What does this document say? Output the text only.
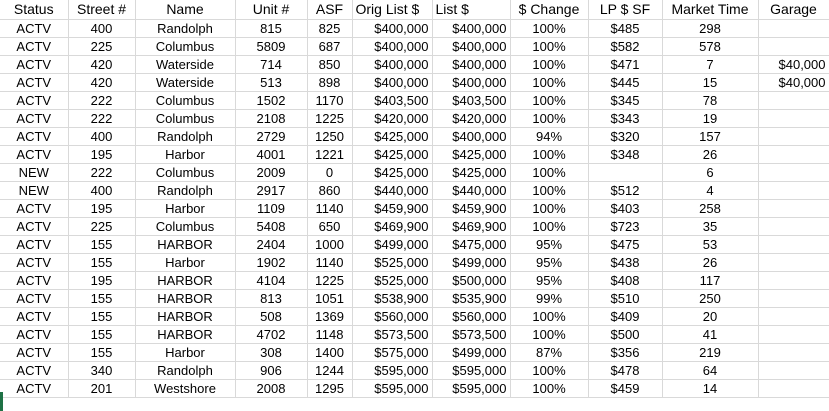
Status	Street #	Name	Unit #	ASF	Orig List $	List $	$ Change	LP $ SF	Market Time	Garage
ACTV	400	Randolph	815	825	$400,000	$400,000	100%	$485	298	
ACTV	225	Columbus	5809	687	$400,000	$400,000	100%	$582	578	
ACTV	420	Waterside	714	850	$400,000	$400,000	100%	$471	7	$40,000
ACTV	420	Waterside	513	898	$400,000	$400,000	100%	$445	15	$40,000
ACTV	222	Columbus	1502	1170	$403,500	$403,500	100%	$345	78	
ACTV	222	Columbus	2108	1225	$420,000	$420,000	100%	$343	19	
ACTV	400	Randolph	2729	1250	$425,000	$400,000	94%	$320	157	
ACTV	195	Harbor	4001	1221	$425,000	$425,000	100%	$348	26	
NEW	222	Columbus	2009	0	$425,000	$425,000	100%		6	
NEW	400	Randolph	2917	860	$440,000	$440,000	100%	$512	4	
ACTV	195	Harbor	1109	1140	$459,900	$459,900	100%	$403	258	
ACTV	225	Columbus	5408	650	$469,900	$469,900	100%	$723	35	
ACTV	155	HARBOR	2404	1000	$499,000	$475,000	95%	$475	53	
ACTV	155	Harbor	1902	1140	$525,000	$499,000	95%	$438	26	
ACTV	195	HARBOR	4104	1225	$525,000	$500,000	95%	$408	117	
ACTV	155	HARBOR	813	1051	$538,900	$535,900	99%	$510	250	
ACTV	155	HARBOR	508	1369	$560,000	$560,000	100%	$409	20	
ACTV	155	HARBOR	4702	1148	$573,500	$573,500	100%	$500	41	
ACTV	155	Harbor	308	1400	$575,000	$499,000	87%	$356	219	
ACTV	340	Randolph	906	1244	$595,000	$595,000	100%	$478	64	
ACTV	201	Westshore	2008	1295	$595,000	$595,000	100%	$459	14	
